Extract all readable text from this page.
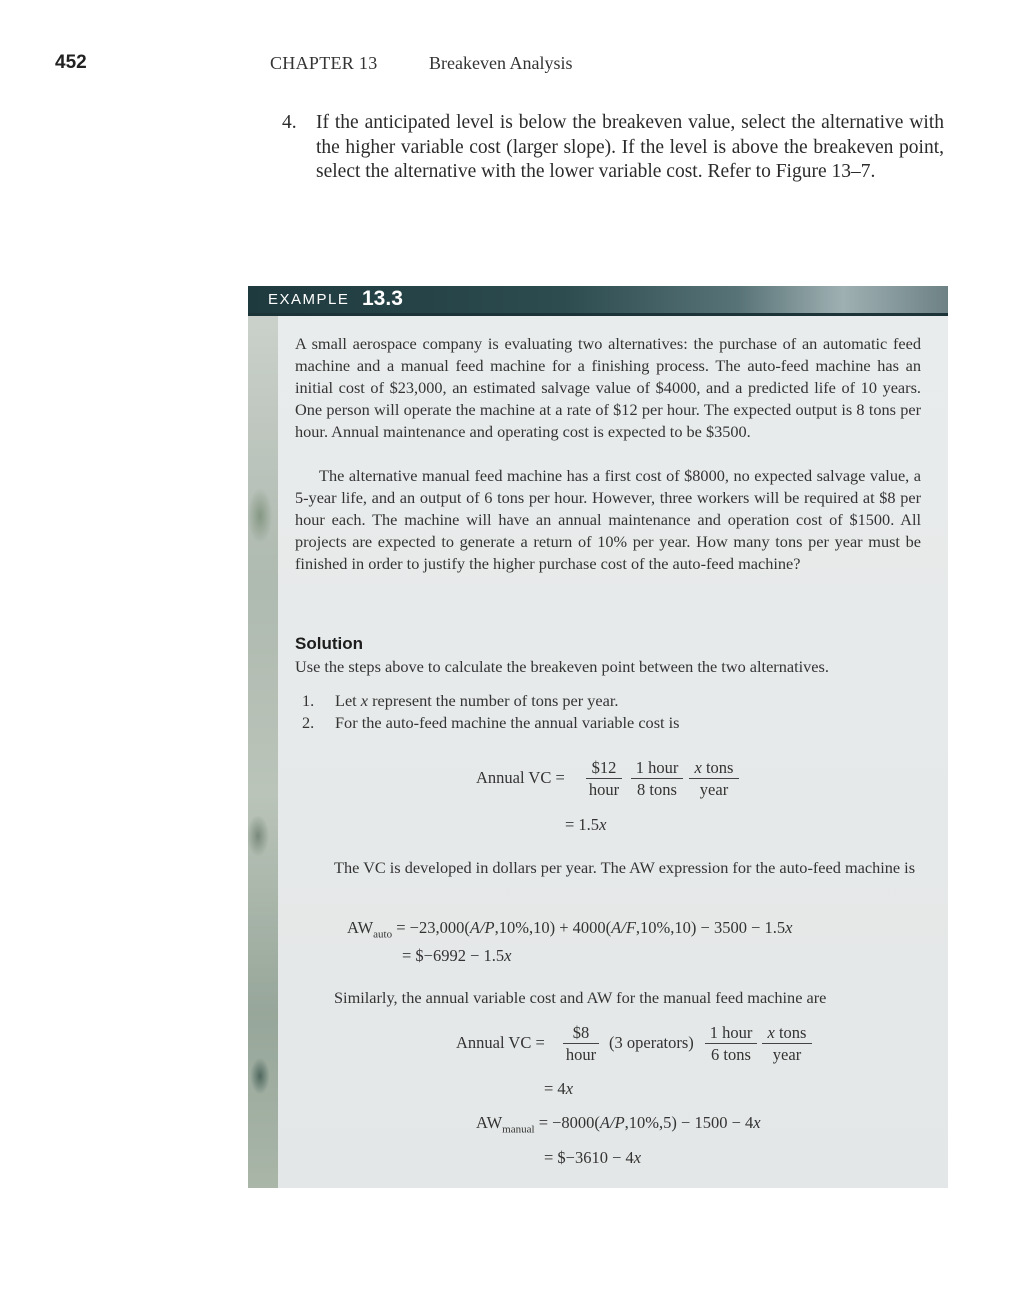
452	CHAPTER 13	Breakeven Analysis
4. If the anticipated level is below the breakeven value, select the alternative with the higher variable cost (larger slope). If the level is above the breakeven point, select the alternative with the lower variable cost. Refer to Figure 13–7.
EXAMPLE 13.3
A small aerospace company is evaluating two alternatives: the purchase of an automatic feed machine and a manual feed machine for a finishing process. The auto-feed machine has an initial cost of $23,000, an estimated salvage value of $4000, and a predicted life of 10 years. One person will operate the machine at a rate of $12 per hour. The expected output is 8 tons per hour. Annual maintenance and operating cost is expected to be $3500.
The alternative manual feed machine has a first cost of $8000, no expected salvage value, a 5-year life, and an output of 6 tons per hour. However, three workers will be required at $8 per hour each. The machine will have an annual maintenance and operation cost of $1500. All projects are expected to generate a return of 10% per year. How many tons per year must be finished in order to justify the higher purchase cost of the auto-feed machine?
Solution
Use the steps above to calculate the breakeven point between the two alternatives.
1. Let x represent the number of tons per year.
2. For the auto-feed machine the annual variable cost is
Annual VC =
$12
hour
1 hour
8 tons
x tons
year
= 1.5x
The VC is developed in dollars per year. The AW expression for the auto-feed machine is
$AW_{auto} = -23,000(A/P,10\%,10) + 4000(A/F,10\%,10) - 3500 - 1.5x$
= $−6992 − 1.5x
Similarly, the annual variable cost and AW for the manual feed machine are
Annual VC =
$8
hour
(3 operators)
1 hour
6 tons
x tons
year
= 4x
$AW_{manual} = -8000(A/P,10\%,5) - 1500 - 4x$
= $−3610 − 4x
